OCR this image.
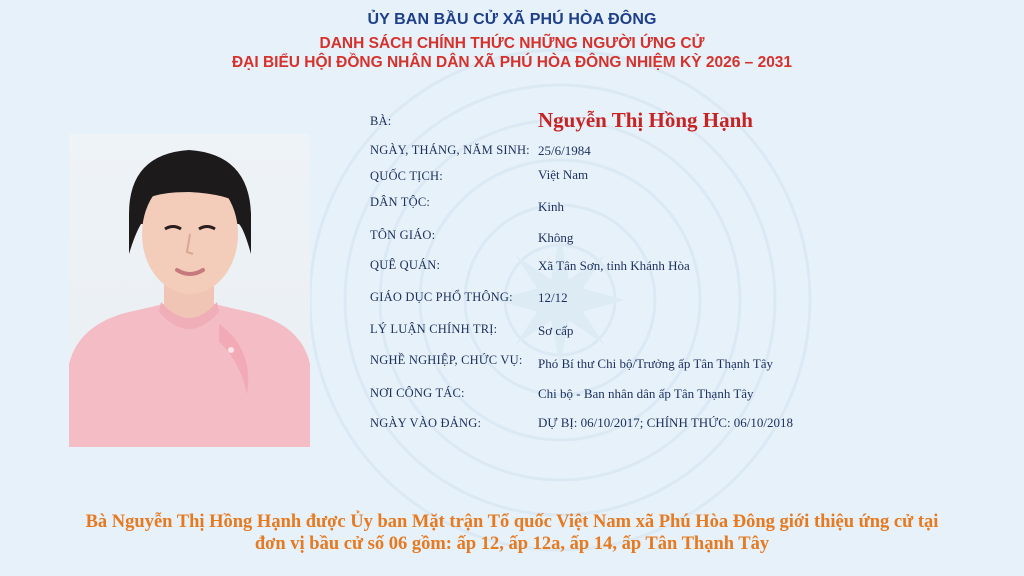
ỦY BAN BẦU CỬ XÃ PHÚ HÒA ĐÔNG
DANH SÁCH CHÍNH THỨC NHỮNG NGƯỜI ỨNG CỬ
ĐẠI BIỂU HỘI ĐỒNG NHÂN DÂN XÃ PHÚ HÒA ĐÔNG NHIỆM KỲ 2026 – 2031
BÀ:	Nguyễn Thị Hồng Hạnh
NGÀY, THÁNG, NĂM SINH: 25/6/1984
QUỐC TỊCH:	Việt Nam
DÂN TỘC:	Kinh
TÔN GIÁO:	Không
QUÊ QUÁN:	Xã Tân Sơn, tỉnh Khánh Hòa
GIÁO DỤC PHỔ THÔNG: 12/12
LÝ LUẬN CHÍNH TRỊ:	Sơ cấp
NGHỀ NGHIỆP, CHỨC VỤ: Phó Bí thư Chi bộ/Trưởng ấp Tân Thạnh Tây
NƠI CÔNG TÁC:	Chi bộ - Ban nhân dân ấp Tân Thạnh Tây
NGÀY VÀO ĐẢNG:	DỰ BỊ: 06/10/2017; CHÍNH THỨC: 06/10/2018
Bà Nguyễn Thị Hồng Hạnh được Ủy ban Mặt trận Tổ quốc Việt Nam xã Phú Hòa Đông giới thiệu ứng cử tại
đơn vị bầu cử số 06 gồm: ấp 12, ấp 12a, ấp 14, ấp Tân Thạnh Tây
